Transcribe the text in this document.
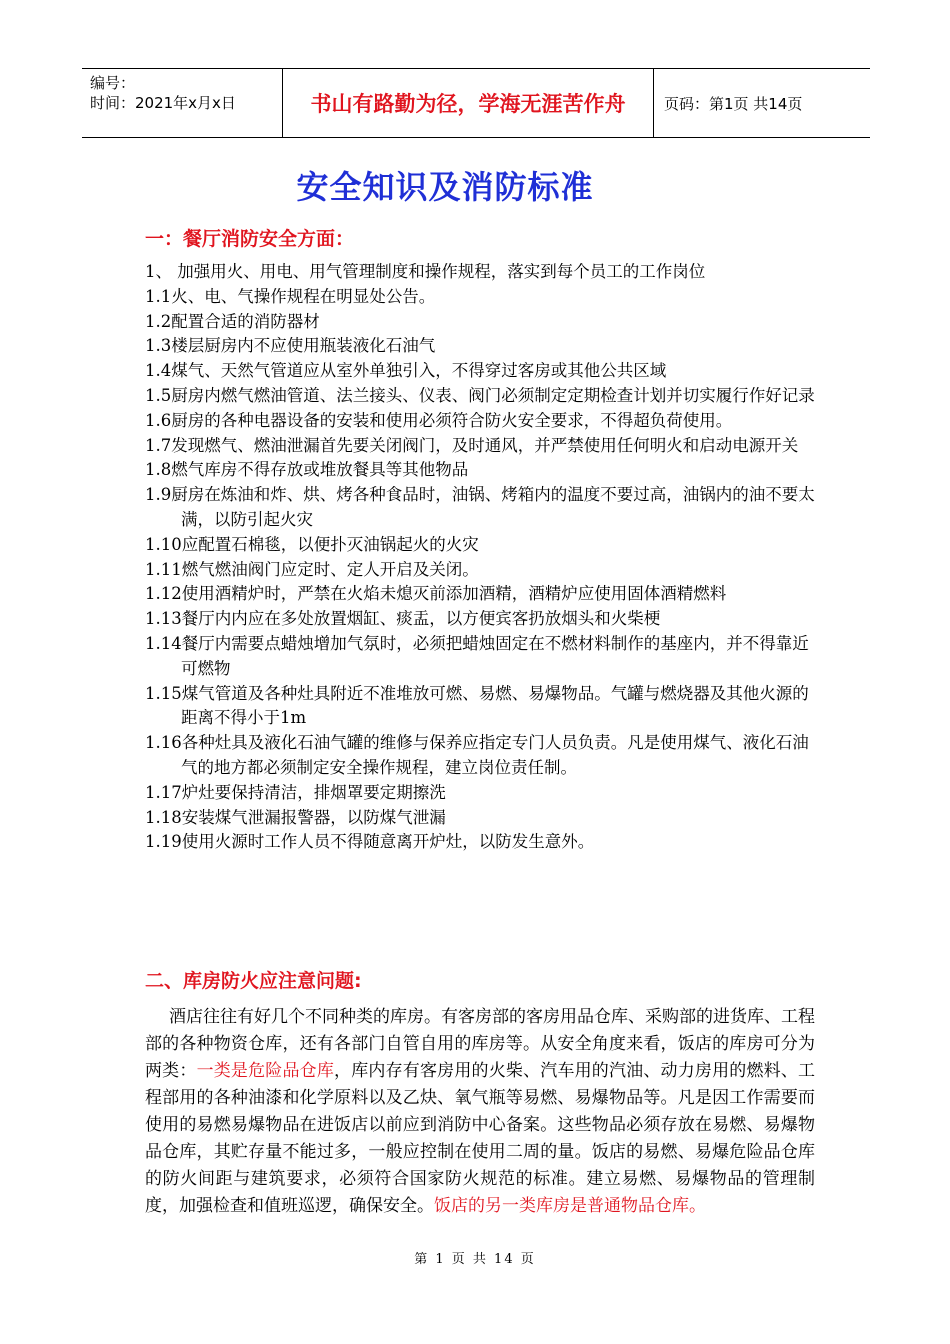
编号：
时间：2021年x月x日	书山有路勤为径，学海无涯苦作舟	页码：第1页 共14页
安全知识及消防标准
一：餐厅消防安全方面：
1、 加强用火、用电、用气管理制度和操作规程，落实到每个员工的工作岗位
1.1火、电、气操作规程在明显处公告。
1.2配置合适的消防器材
1.3楼层厨房内不应使用瓶装液化石油气
1.4煤气、天然气管道应从室外单独引入，不得穿过客房或其他公共区域
1.5厨房内燃气燃油管道、法兰接头、仪表、阀门必须制定定期检查计划并切实履行作好记录
1.6厨房的各种电器设备的安装和使用必须符合防火安全要求，不得超负荷使用。
1.7发现燃气、燃油泄漏首先要关闭阀门，及时通风，并严禁使用任何明火和启动电源开关
1.8燃气库房不得存放或堆放餐具等其他物品
1.9厨房在炼油和炸、烘、烤各种食品时，油锅、烤箱内的温度不要过高，油锅内的油不要太满，以防引起火灾
1.10应配置石棉毯，以便扑灭油锅起火的火灾
1.11燃气燃油阀门应定时、定人开启及关闭。
1.12使用酒精炉时，严禁在火焰未熄灭前添加酒精，酒精炉应使用固体酒精燃料
1.13餐厅内内应在多处放置烟缸、痰盂，以方便宾客扔放烟头和火柴梗
1.14餐厅内需要点蜡烛增加气氛时，必须把蜡烛固定在不燃材料制作的基座内，并不得靠近可燃物
1.15煤气管道及各种灶具附近不准堆放可燃、易燃、易爆物品。气罐与燃烧器及其他火源的距离不得小于1m
1.16各种灶具及液化石油气罐的维修与保养应指定专门人员负责。凡是使用煤气、液化石油气的地方都必须制定安全操作规程，建立岗位责任制。
1.17炉灶要保持清洁，排烟罩要定期擦洗
1.18安装煤气泄漏报警器，以防煤气泄漏
1.19使用火源时工作人员不得随意离开炉灶，以防发生意外。
二、库房防火应注意问题:
酒店往往有好几个不同种类的库房。有客房部的客房用品仓库、采购部的进货库、工程部的各种物资仓库，还有各部门自管自用的库房等。从安全角度来看，饭店的库房可分为两类：一类是危险品仓库，库内存有客房用的火柴、汽车用的汽油、动力房用的燃料、工程部用的各种油漆和化学原料以及乙炔、氧气瓶等易燃、易爆物品等。凡是因工作需要而使用的易燃易爆物品在进饭店以前应到消防中心备案。这些物品必须存放在易燃、易爆物品仓库，其贮存量不能过多，一般应控制在使用二周的量。饭店的易燃、易爆危险品仓库的防火间距与建筑要求，必须符合国家防火规范的标准。建立易燃、易爆物品的管理制度，加强检查和值班巡逻，确保安全。饭店的另一类库房是普通物品仓库。
第 1 页 共 14 页
